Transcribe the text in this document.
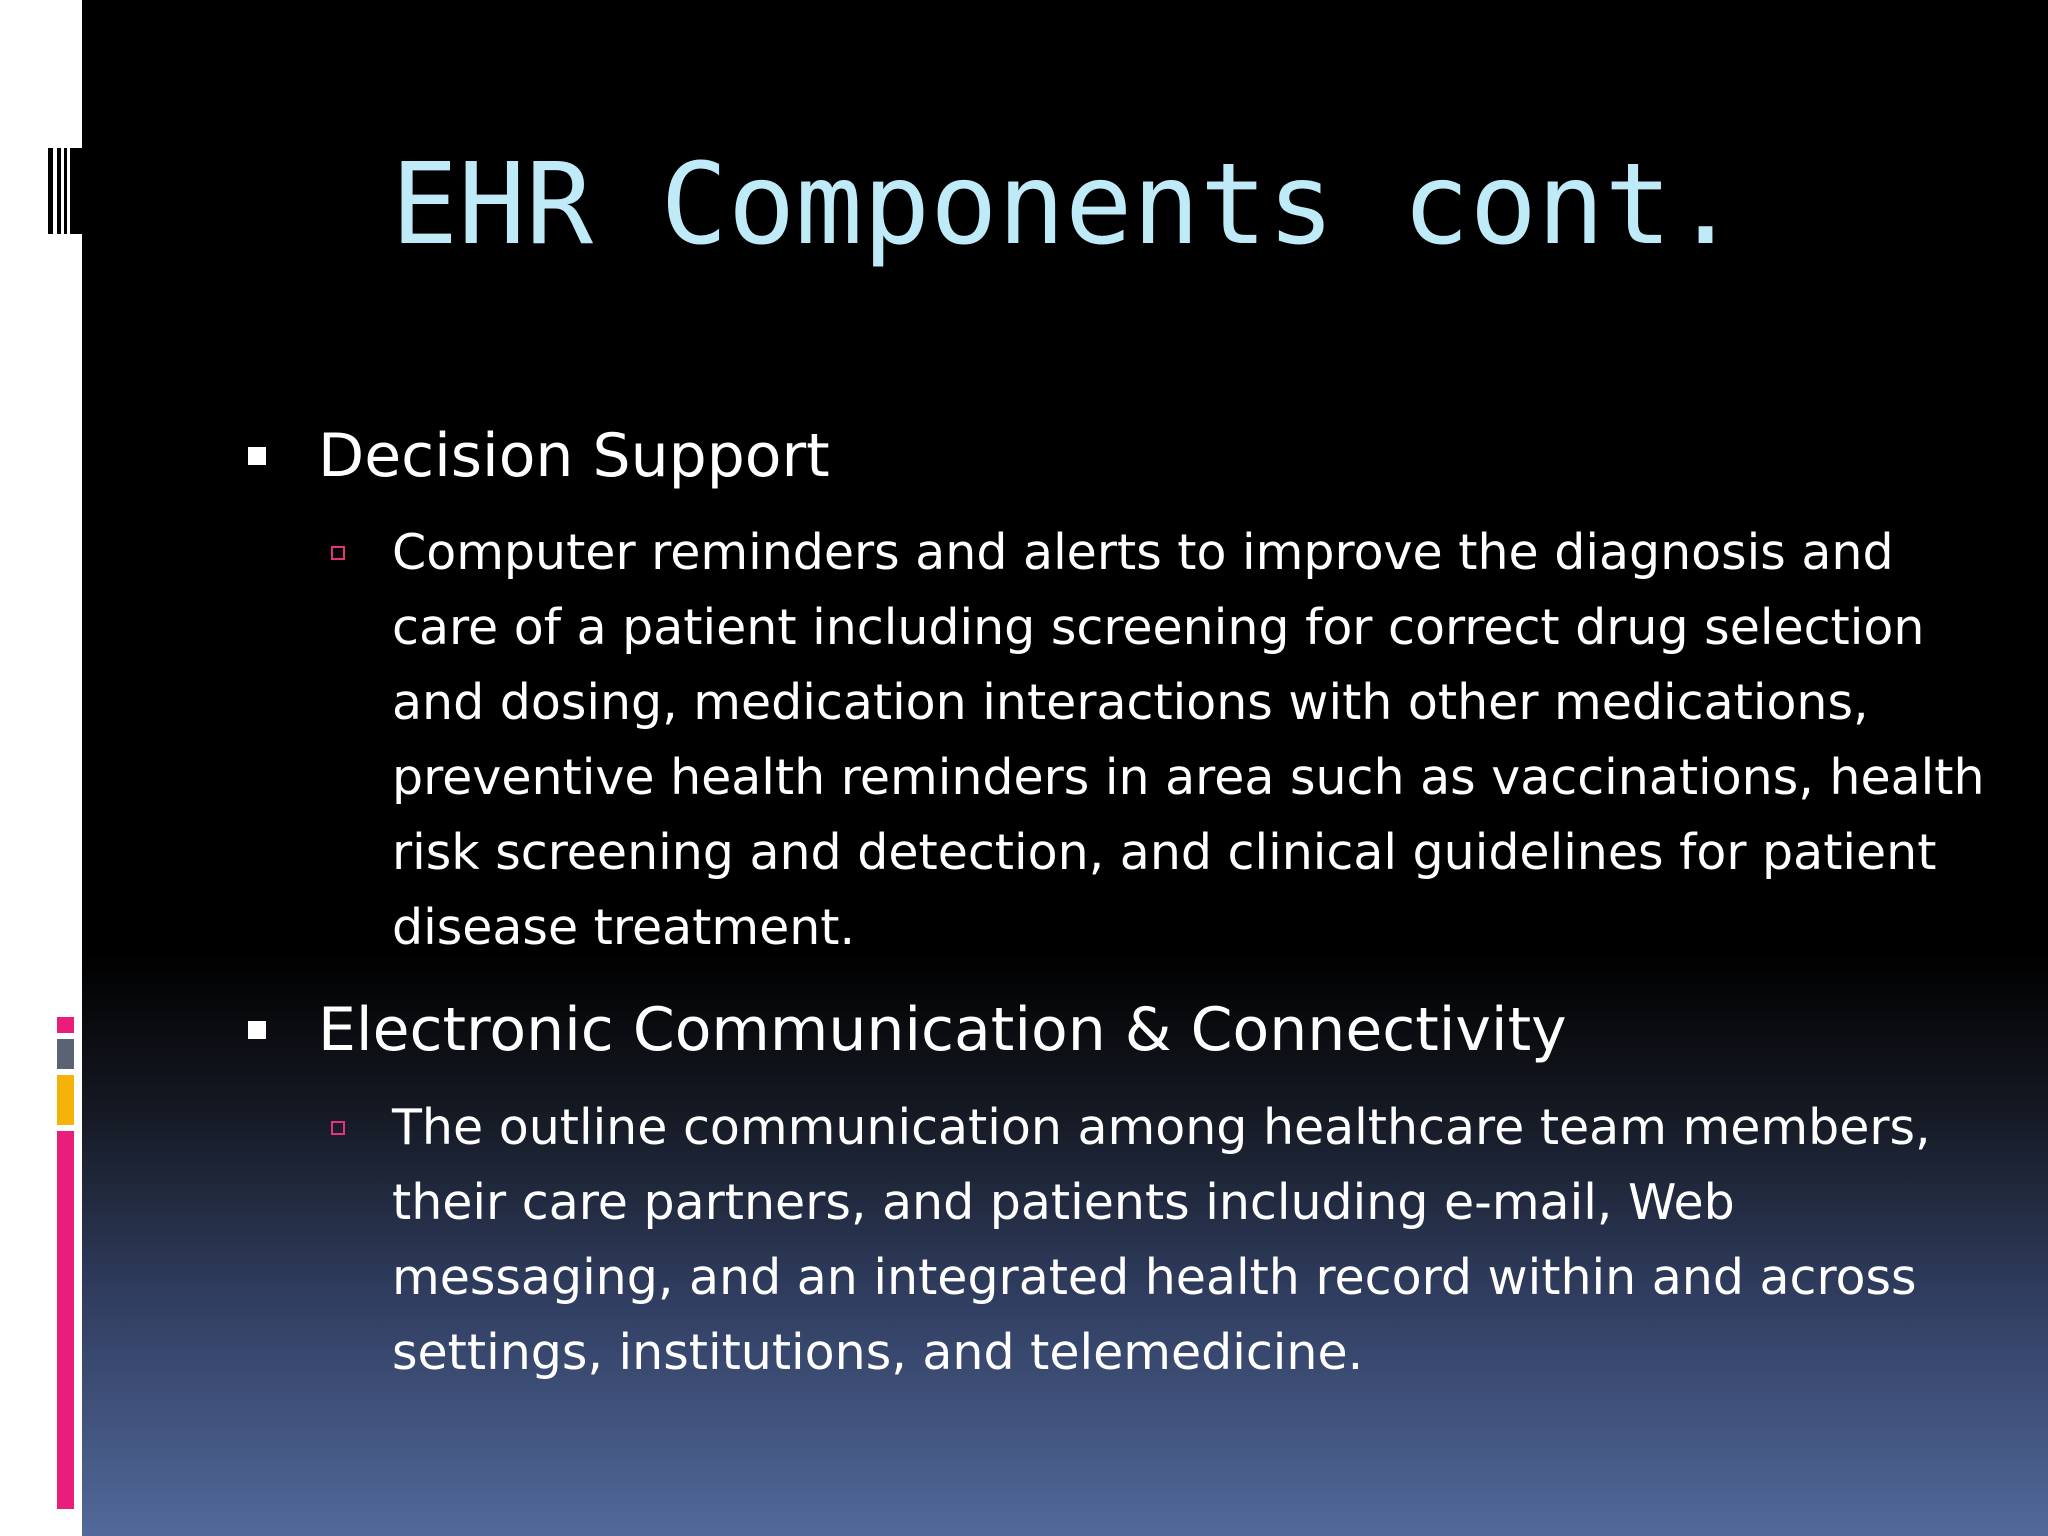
EHR Components cont.
Decision Support
Computer reminders and alerts to improve the diagnosis and care of a patient including screening for correct drug selection and dosing, medication interactions with other medications, preventive health reminders in area such as vaccinations, health risk screening and detection, and clinical guidelines for patient disease treatment.
Electronic Communication & Connectivity
The outline communication among healthcare team members, their care partners, and patients including e-mail, Web messaging, and an integrated health record within and across settings, institutions, and telemedicine.
